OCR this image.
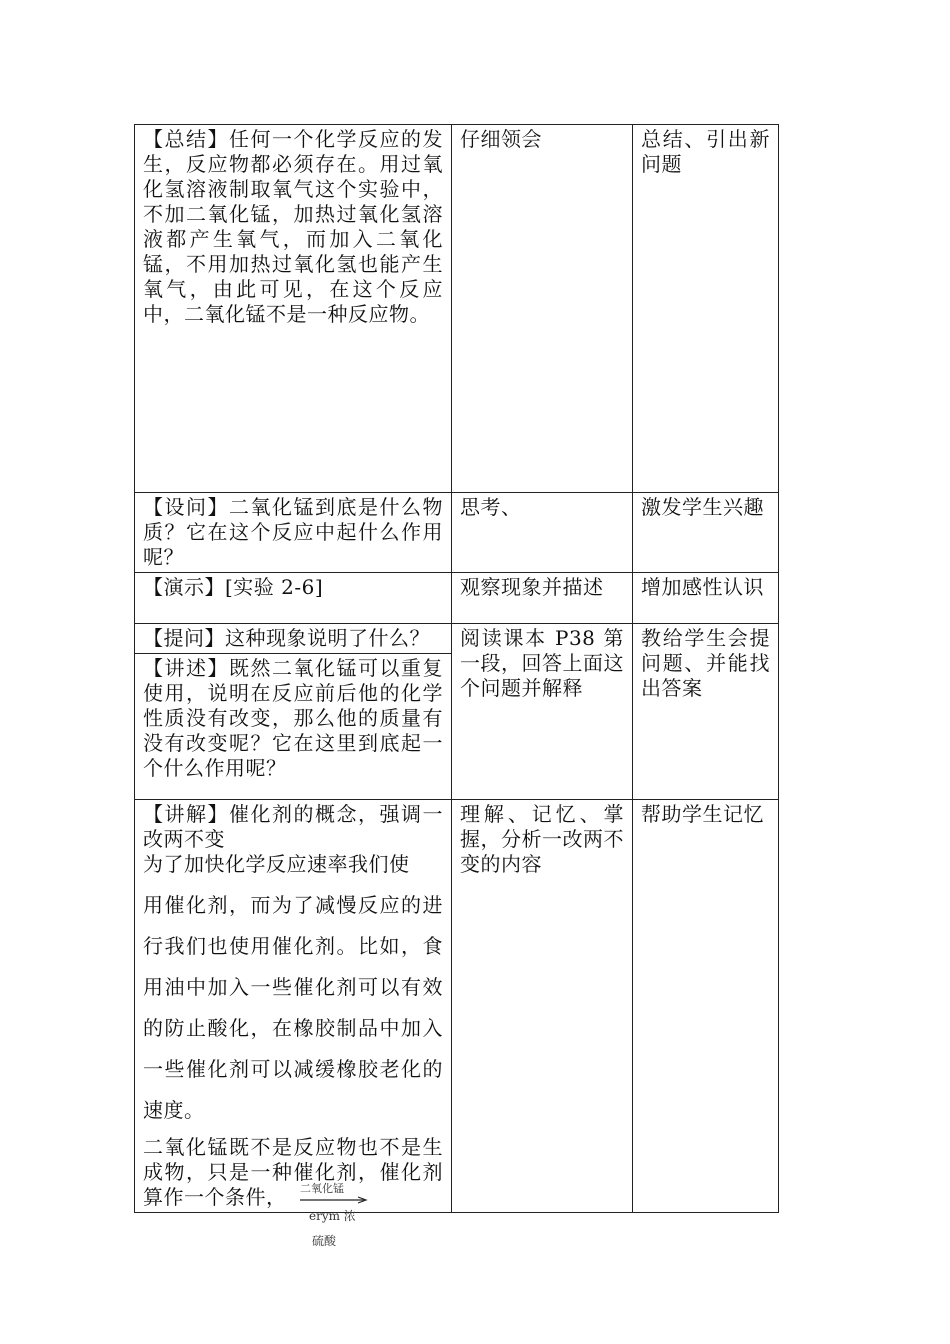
【总结】任何一个化学反应的发生，反应物都必须存在。用过氧化氢溶液制取氧气这个实验中，不加二氧化锰，加热过氧化氢溶液都产生氧气，而加入二氧化锰，不用加热过氧化氢也能产生氧气，由此可见，在这个反应中，二氧化锰不是一种反应物。	仔细领会	总结、引出新问题
【设问】二氧化锰到底是什么物质？它在这个反应中起什么作用呢？	思考、	激发学生兴趣
【演示】[实验 2-6]	观察现象并描述	增加感性认识

【提问】这种现象说明了什么？
【讲述】既然二氧化锰可以重复使用，说明在反应前后他的化学性质没有改变，那么他的质量有没有改变呢？它在这里到底起一个什么作用呢？	阅读课本 P38 第一段，回答上面这个问题并解释	教给学生会提问题、并能找出答案

【讲解】催化剂的概念，强调一改两不变
为了加快化学反应速率我们使
用催化剂，而为了减慢反应的进行我们也使用催化剂。比如，食用油中加入一些催化剂可以有效的防止酸化，在橡胶制品中加入一些催化剂可以减缓橡胶老化的速度。
二氧化锰既不是反应物也不是生成物，只是一种催化剂，催化剂算作一个条件，	理解、记忆、掌握，分析一改两不变的内容	帮助学生记忆
二氧化锰
erym 浓
硫酸
